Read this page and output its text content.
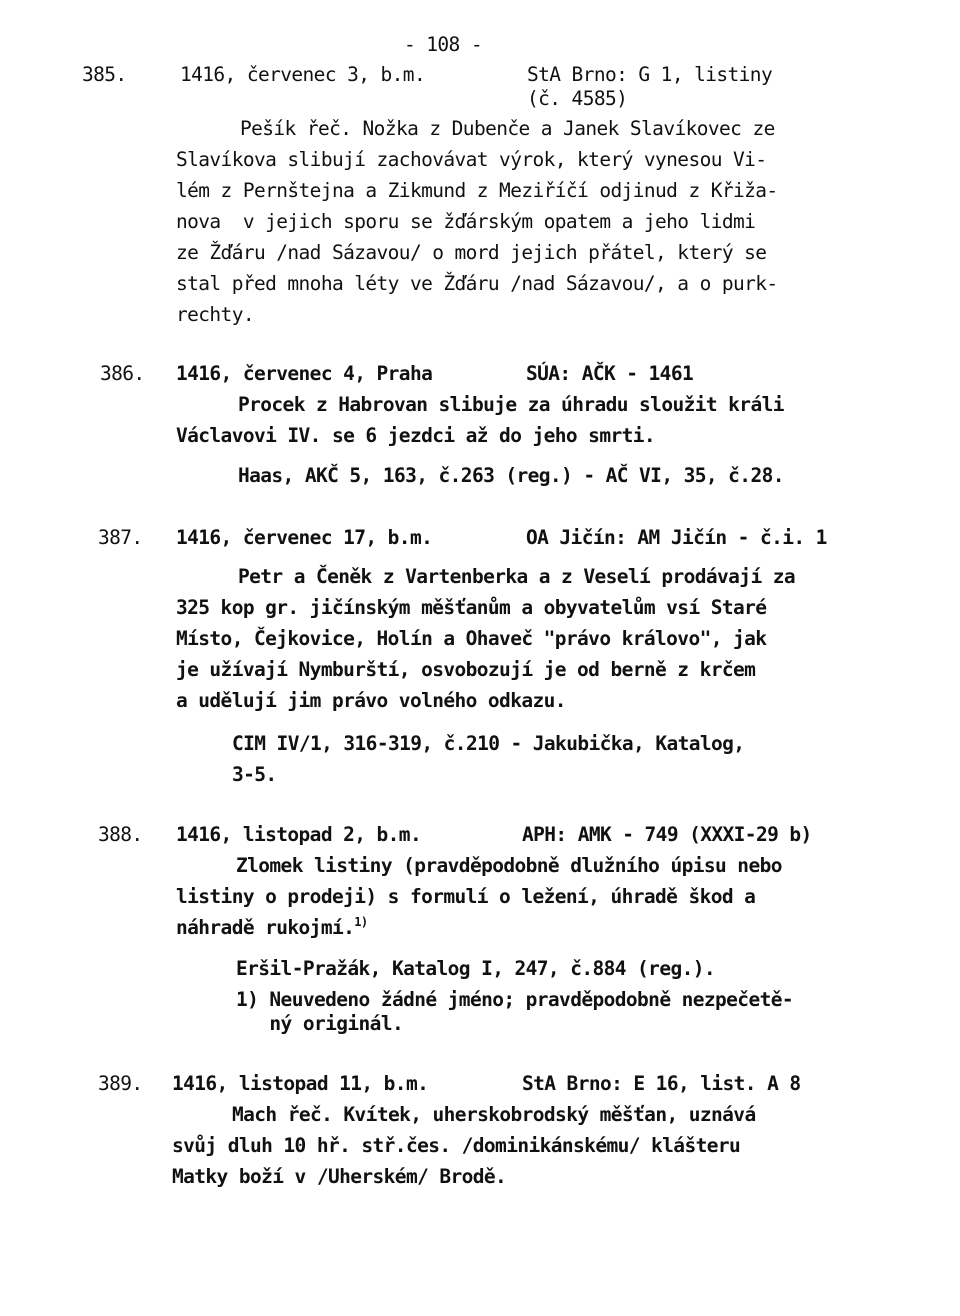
- 108 -
385.	1416, červenec 3, b.m.	StA Brno: G 1, listiny
(č. 4585)
Pešík řeč. Nožka z Dubenče a Janek Slavíkovec ze
Slavíkova slibují zachovávat výrok, který vynesou Vi-
lém z Pernštejna a Zikmund z Meziříčí odjinud z Křiža-
nova  v jejich sporu se žďárským opatem a jeho lidmi
ze Žďáru /nad Sázavou/ o mord jejich přátel, který se
stal před mnoha léty ve Žďáru /nad Sázavou/, a o purk-
rechty.
386. 1416, červenec 4, Praha	SÚA: AČK - 1461
Procek z Habrovan slibuje za úhradu sloužit králi
Václavovi IV. se 6 jezdci až do jeho smrti.
Haas, AKČ 5, 163, č.263 (reg.) - AČ VI, 35, č.28.
387. 1416, červenec 17, b.m.	OA Jičín: AM Jičín - č.i. 1
Petr a Čeněk z Vartenberka a z Veselí prodávají za
325 kop gr. jičínským měšťanům a obyvatelům vsí Staré
Místo, Čejkovice, Holín a Ohaveč "právo královo", jak
je užívají Nymburští, osvobozují je od berně z krčem
a udělují jim právo volného odkazu.
CIM IV/1, 316-319, č.210 - Jakubička, Katalog,
3-5.
388. 1416, listopad 2, b.m.	APH: AMK - 749 (XXXI-29 b)
Zlomek listiny (pravděpodobně dlužního úpisu nebo
listiny o prodeji) s formulí o ležení, úhradě škod a
náhradě rukojmí.$^{1)}$
Eršil-Pražák, Katalog I, 247, č.884 (reg.).
1) Neuvedeno žádné jméno; pravděpodobně nezpečetě-
ný originál.
389. 1416, listopad 11, b.m.	StA Brno: E 16, list. A 8
Mach řeč. Kvítek, uherskobrodský měšťan, uznává
svůj dluh 10 hř. stř.čes. /dominikánskému/ klášteru
Matky boží v /Uherském/ Brodě.
